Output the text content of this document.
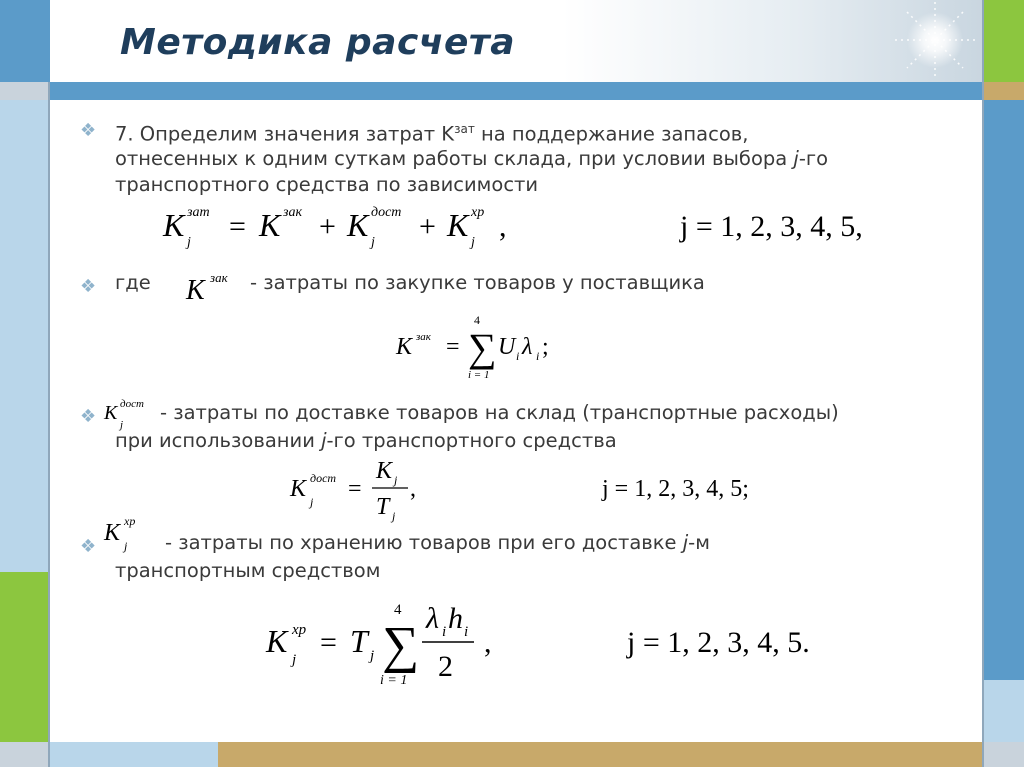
Методика расчета
❖ 7. Определим значения затрат $K^{зат}$ на поддержание запасов,
отнесенных к одним суткам работы склада, при условии выбора j-го
транспортного средства по зависимости
K зат
j = K зак + K дост
j + K хр
j ,	j = 1, 2, 3, 4, 5,
❖ где K зак - затраты по закупке товаров у поставщика
K зак =
4
∑
i = 1
U i λ i ;
❖ K дост
j
- затраты по доставке товаров на склад (транспортные расходы)
при использовании j-го транспортного средства
K дост
j =
K j
T j
,	j = 1, 2, 3, 4, 5;
❖
K хр
j - затраты по хранению товаров при его доставке j-м
транспортным средством
K хр
j
= T j
4
∑
i = 1
λ i h i
2
,	j = 1, 2, 3, 4, 5.
